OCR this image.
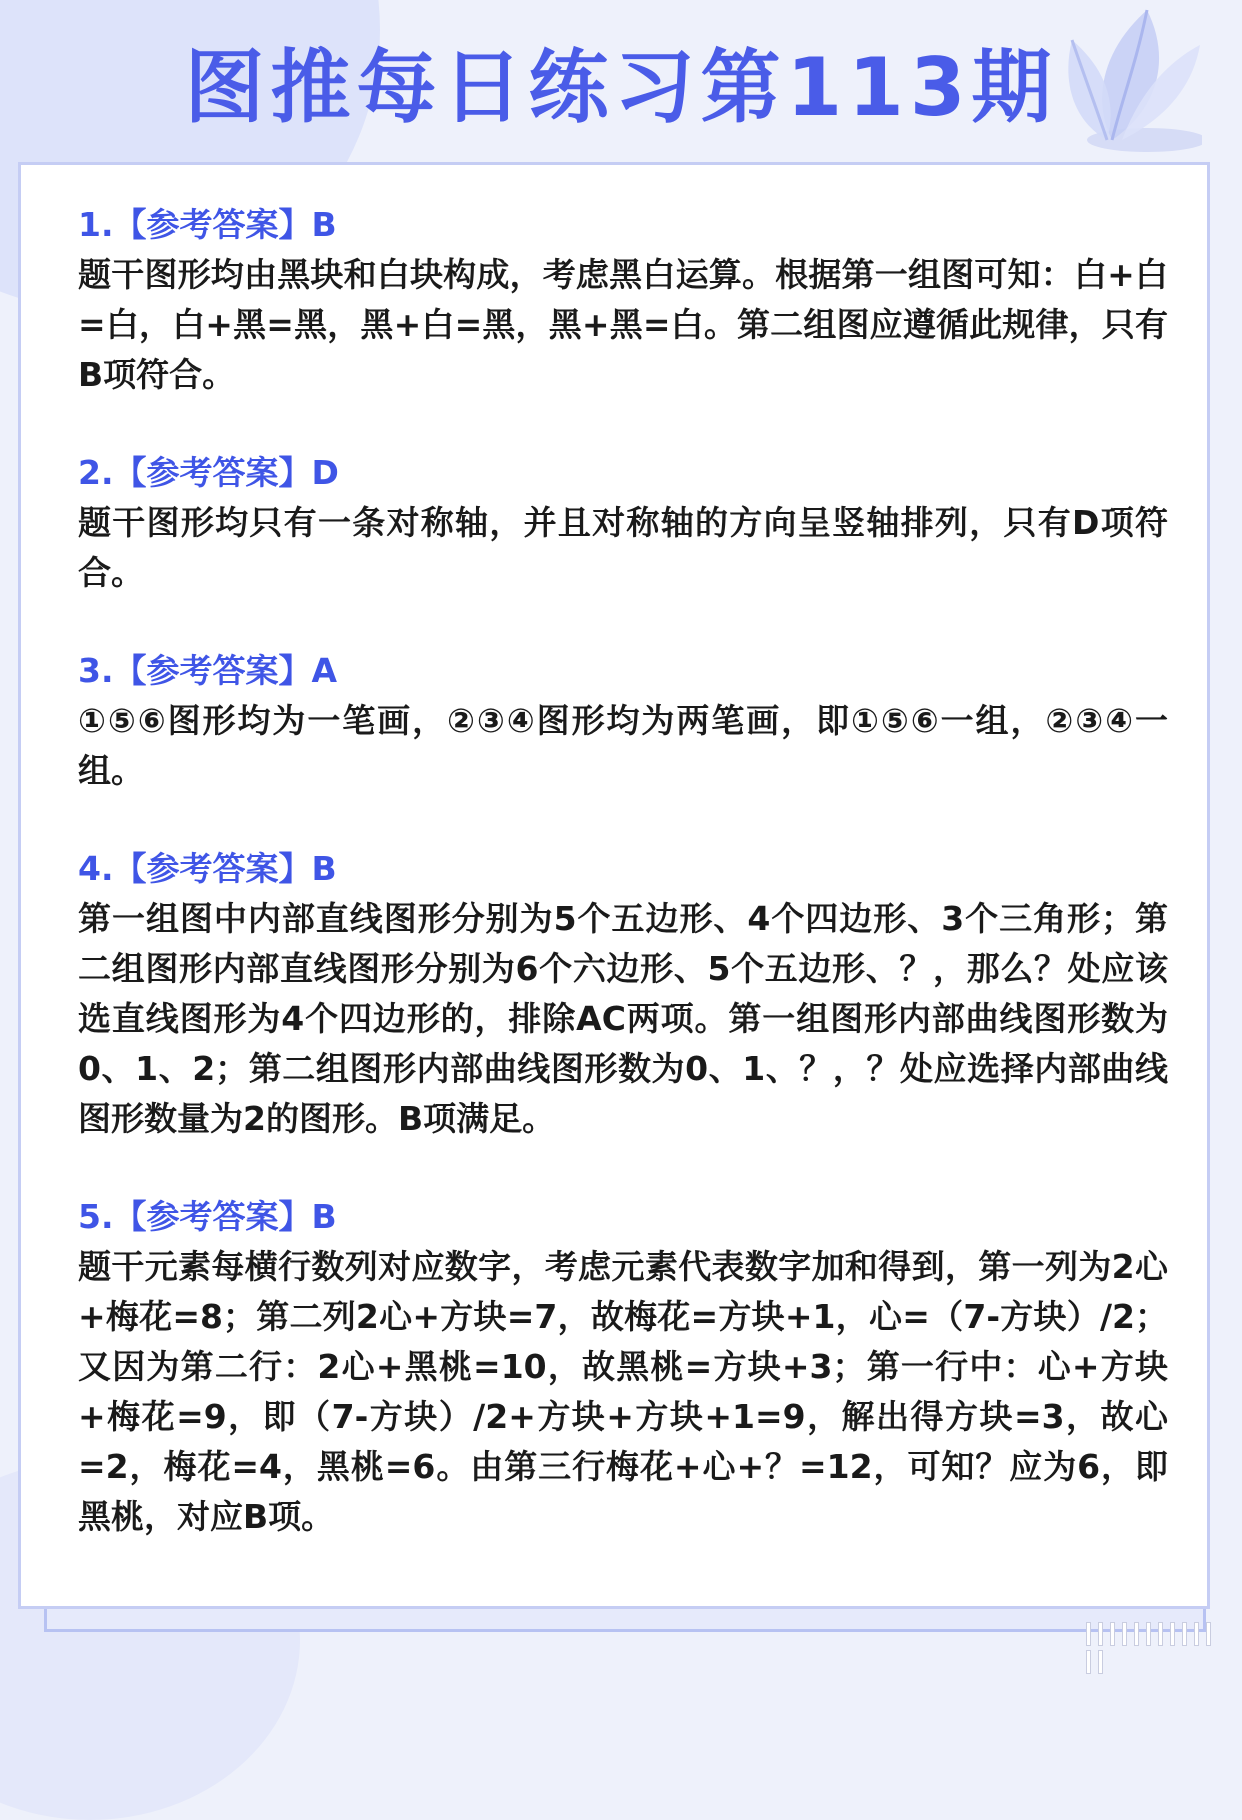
图推每日练习第113期

1.【参考答案】B

题干图形均由黑块和白块构成，考虑黑白运算。根据第一组图可知：白+白=白，白+黑=黑，黑+白=黑，黑+黑=白。第二组图应遵循此规律，只有B项符合。

2.【参考答案】D

题干图形均只有一条对称轴，并且对称轴的方向呈竖轴排列，只有D项符合。

3.【参考答案】A

①⑤⑥图形均为一笔画，②③④图形均为两笔画，即①⑤⑥一组，②③④一组。

4.【参考答案】B

第一组图中内部直线图形分别为5个五边形、4个四边形、3个三角形；第二组图形内部直线图形分别为6个六边形、5个五边形、？，那么？处应该选直线图形为4个四边形的，排除AC两项。第一组图形内部曲线图形数为0、1、2；第二组图形内部曲线图形数为0、1、？，？处应选择内部曲线图形数量为2的图形。B项满足。

5.【参考答案】B

题干元素每横行数列对应数字，考虑元素代表数字加和得到，第一列为2心+梅花=8；第二列2心+方块=7，故梅花=方块+1，心=（7-方块）/2；又因为第二行：2心+黑桃=10，故黑桃=方块+3；第一行中：心+方块+梅花=9，即（7-方块）/2+方块+方块+1=9，解出得方块=3，故心=2，梅花=4，黑桃=6。由第三行梅花+心+？=12，可知？应为6，即黑桃，对应B项。
